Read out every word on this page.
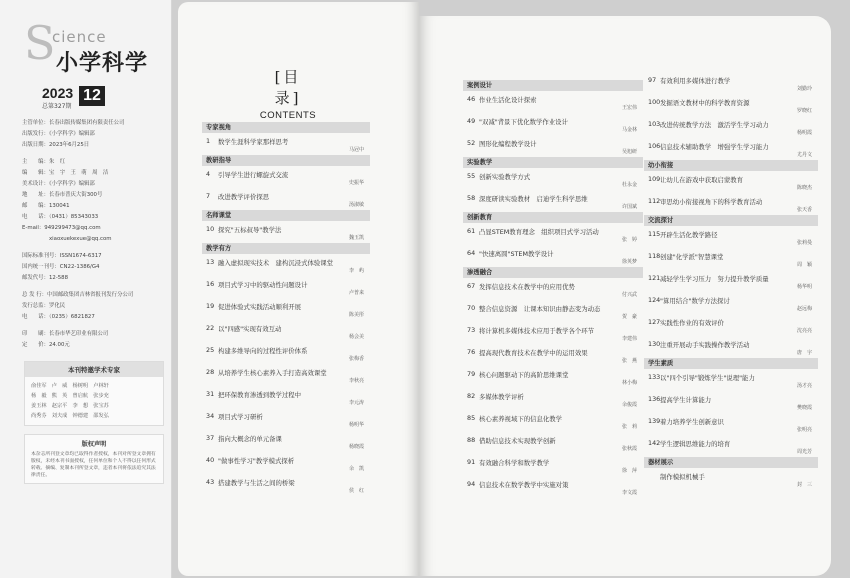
S
cience
小学科学
2023
总第327期
12
主管单位：长春出版传媒集团有限责任公司
出版发行：《小学科学》编辑部
出版日期：2023年6月25日
主　　编：朱　红
编　　辑：宝　宇　王　萌　周　洁
美术设计：《小学科学》编辑部
地　　址：长春市普庆大街300号
邮　　编：130041
电　　话：（0431）85343033
E-mail：949299473@qq.com
　　　　　xiaoxuekexue@qq.com
国际标准刊号：ISSN1674-6317
国内统一刊号：CN22-1386/G4
邮发代号：12-588
总 发 行：中国邮政集团吉林省报刊发行分公司
发行总监：罗化民
电　　话：（0235）6821827
印　　刷：长春市华艺印业有限公司
定　　价：24.00元
本刊特邀学术专家
俞佳军　卢　威　杨树明　卢林轩
杨　毅　熊　英　曾启航　张步充
姜玉林　赵宗平　李　想　张宝苏
尚秀芬　刘夫成　钟德建　邵发弘
版权声明
本杂志所刊登文章均已取得作者授权，本刊对所登文章拥有版权，未经本刊书面授权，任何单位和个人不得以任何形式转载、摘编、复制本刊所登文章，违者本刊将依法追究其法律责任。
[目　录]
CONTENTS
专家视角
1 数学生涯科学家那样思考
马冠中
教研指导
4 引导学生进行螺旋式交流
史振华
7 改进教学评价探思
汤淑敏
名师课堂
10 探究"五标叔导"教学法
魏玉凯
教学有方
13 融入虚拟现实技术　建构沉浸式体验课堂
李　屿
16 项目式学习中的驱动性问题设计
卢普来
19 促进体验式实践活动顺利开展
陈美彤
22 以"四感"实现有效互动
杨会美
25 构建多维导向的过程性评价体系
张梅香
28 从培养学生核心素养入手打造高效课堂
李秋亮
31 把环保教育渗透到教学过程中
李元涛
34 项目式学习研析
杨明华
37 指向大概念的单元备课
杨晓霞
40 "做事性学习"教学模式探析
余　凯
43 搭建教学与生活之间的桥梁
侯　红
案例设计
46 作业生活化设计探索
王宏伟
49 "双减"背景下优化数学作业设计
马金林
52 图形化编程教学设计
吴旭研
实验教学
55 创新实验教学方式
杜永金
58 深度研读实验教材　启迪学生科学思维
许国斌
创新教育
61 凸显STEM教育理念　组织项目式学习活动
张　婷
64 "快速离圆"STEM教学设计
徐英梦
渗透融合
67 发挥信息技术在教学中的应用优势
付兴武
70 整合信息资源　让课本知识由静态变为动态
贺　豪
73 将计算机多媒体技术应用于教学各个环节
李建伟
76 提高现代教育技术在教学中的运用效果
张　燕
79 核心问题驱动下的高阶思维课堂
林小梅
82 多媒体教学评析
余俊霞
85 核心素养视域下的信息化教学
张　莉
88 借助信息技术实现教学创新
张秋霞
91 有效融合科学和数学教学
徐　萍
94 信息技术在数学教学中实施对策
李文霞
97 有效利用多媒体进行教学
刘勤玲
100 发掘语文教材中的科学教育资源
罗晓红
103 改进传统教学方法　激活学生学习动力
杨明霞
106 信息技术辅助教学　增强学生学习能力
尤丹文
幼小衔接
109 让幼儿在游戏中获取启蒙教育
陈晓杰
112 审思幼小衔接视角下的科学教育活动
张天香
交流探讨
115 开辟生活化教学路径
张莉曼
118 创建"化学派"智慧课堂
周　颖
121 减轻学生学习压力　努力提升教学质量
杨华明
124 "算用结合"数学方法探讨
赵远梅
127 实践性作业的有效评价
沈亮亮
130 注重开展动手实践操作教学活动
唐　宇
学生素质
133 以"四个引导"锻炼学生"说理"能力
汤才亮
136 提高学生计算能力
樊晓霞
139 着力培养学生创新意识
张明亮
142 学生逻辑思维能力的培育
周光芳
器材展示
制作模拟机械手
封　三
